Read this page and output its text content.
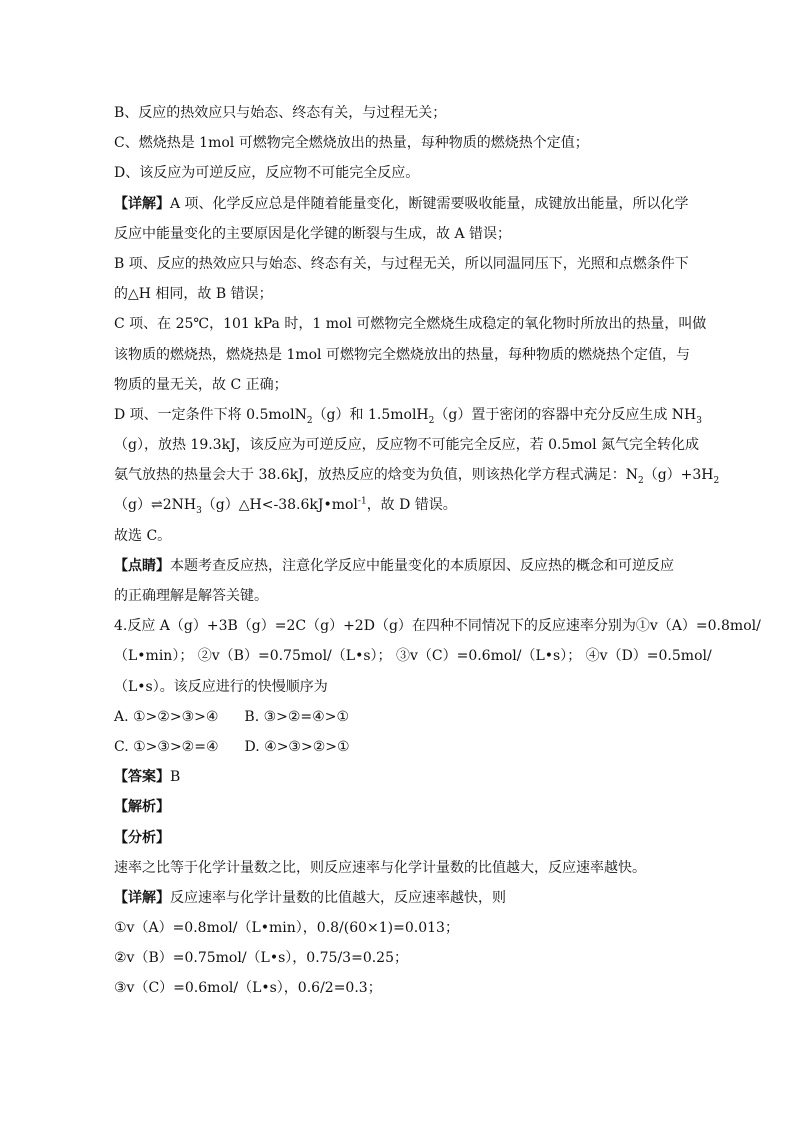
B、反应的热效应只与始态、终态有关，与过程无关；
C、燃烧热是 1mol 可燃物完全燃烧放出的热量，每种物质的燃烧热个定值；
D、该反应为可逆反应，反应物不可能完全反应。
【详解】A 项、化学反应总是伴随着能量变化，断键需要吸收能量，成键放出能量，所以化学
反应中能量变化的主要原因是化学键的断裂与生成，故 A 错误；
B 项、反应的热效应只与始态、终态有关，与过程无关，所以同温同压下，光照和点燃条件下
的△H 相同，故 B 错误；
C 项、在 25℃，101 kPa 时，1 mol 可燃物完全燃烧生成稳定的氧化物时所放出的热量，叫做
该物质的燃烧热，燃烧热是 1mol 可燃物完全燃烧放出的热量，每种物质的燃烧热个定值，与
物质的量无关，故 C 正确；
D 项、一定条件下将 0.5molN$_2$（g）和 1.5molH$_2$（g）置于密闭的容器中充分反应生成 $NH_3$
（g），放热 19.3kJ，该反应为可逆反应，反应物不可能完全反应，若 0.5mol 氮气完全转化成
氨气放热的热量会大于 38.6kJ，放热反应的焓变为负值，则该热化学方程式满足：$N_2(g)+3H_2$
$(g)\rightleftharpoons 2NH_3(g)\triangle H<-38.6kJ•mol^{-1}$，故 D 错误。
故选 C。
【点睛】本题考查反应热，注意化学反应中能量变化的本质原因、反应热的概念和可逆反应
的正确理解是解答关键。
4.反应 A（g）+3B（g）=2C（g）+2D（g）在四种不同情况下的反应速率分别为①v（A）=0.8mol/
（L•min）； ②v（B）=0.75mol/（L•s）； ③v（C）=0.6mol/（L•s）； ④v（D）=0.5mol/
（L•s）。该反应进行的快慢顺序为
A. ①>②>③>④ B. ③>②=④>①
C. ①>③>②=④ D. ④>③>②>①
【答案】B
【解析】
【分析】
速率之比等于化学计量数之比，则反应速率与化学计量数的比值越大，反应速率越快。
【详解】反应速率与化学计量数的比值越大，反应速率越快，则
①v（A）=0.8mol/（L•min），0.8/(60×1)=0.013；
②v（B）=0.75mol/（L•s），0.75/3=0.25；
③v（C）=0.6mol/（L•s），0.6/2=0.3；
